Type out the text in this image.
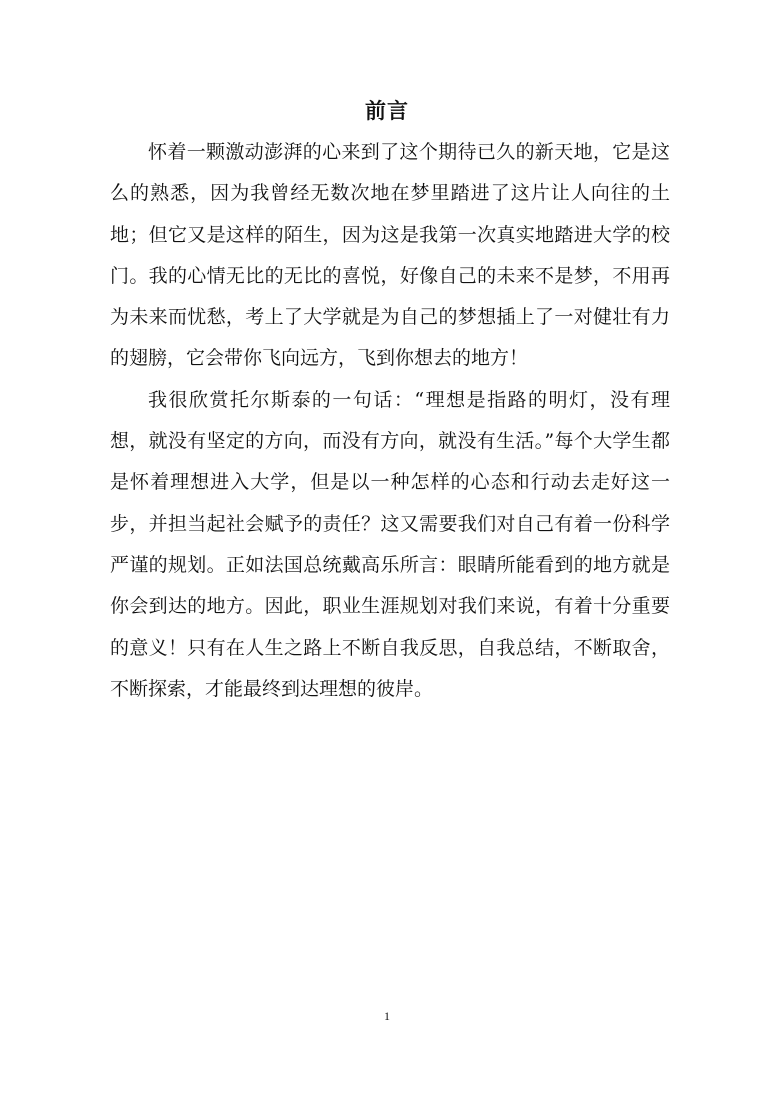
前言

怀着一颗激动澎湃的心来到了这个期待已久的新天地，它是这么的熟悉，因为我曾经无数次地在梦里踏进了这片让人向往的土地；但它又是这样的陌生，因为这是我第一次真实地踏进大学的校门。我的心情无比的无比的喜悦，好像自己的未来不是梦，不用再为未来而忧愁，考上了大学就是为自己的梦想插上了一对健壮有力的翅膀，它会带你飞向远方，飞到你想去的地方！

我很欣赏托尔斯泰的一句话：“理想是指路的明灯，没有理想，就没有坚定的方向，而没有方向，就没有生活。”每个大学生都是怀着理想进入大学，但是以一种怎样的心态和行动去走好这一步，并担当起社会赋予的责任？这又需要我们对自己有着一份科学严谨的规划。正如法国总统戴高乐所言：眼睛所能看到的地方就是你会到达的地方。因此，职业生涯规划对我们来说，有着十分重要的意义！只有在人生之路上不断自我反思，自我总结，不断取舍，不断探索，才能最终到达理想的彼岸。

1
